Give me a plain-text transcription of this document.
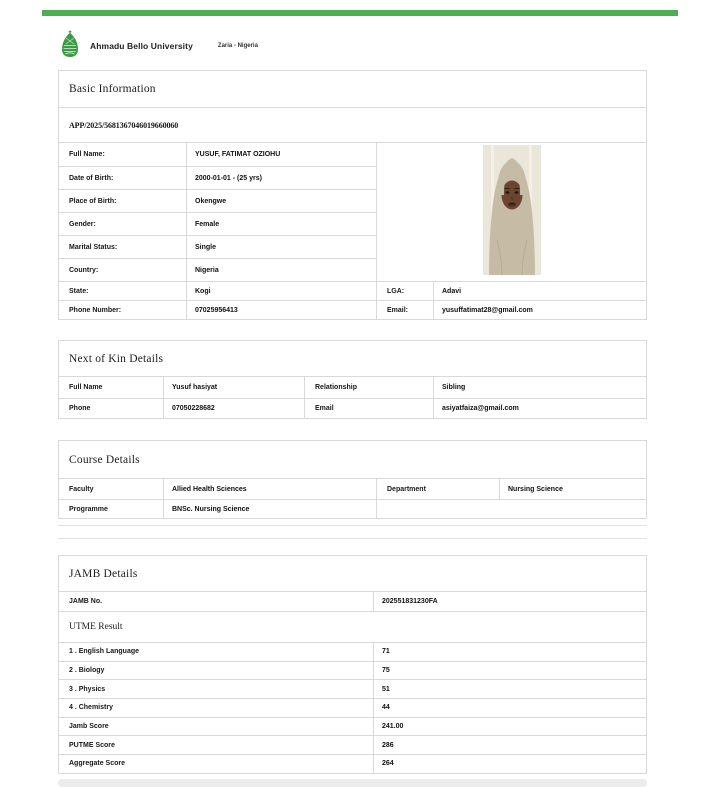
Ahmadu Bello University	Zaria - Nigeria
Basic Information
APP/2025/5681367046019660060
Full Name:	YUSUF, FATIMAT OZIOHU
Date of Birth:	2000-01-01 - (25 yrs)
Place of Birth:	Okengwe
Gender:	Female
Marital Status:	Single
Country:	Nigeria
State:	Kogi	LGA:	Adavi
Phone Number:	07025956413	Email:	yusuffatimat28@gmail.com
Next of Kin Details
Full Name	Yusuf hasiyat	Relationship	Sibling
Phone	07050228682	Email	asiyatfaiza@gmail.com
Course Details
Faculty	Allied Health Sciences	Department	Nursing Science
Programme	BNSc. Nursing Science
JAMB Details
JAMB No.	202551831230FA
UTME Result
1 . English Language	71
2 . Biology	75
3 . Physics	51
4 . Chemistry	44
Jamb Score	241.00
PUTME Score	286
Aggregate Score	264
